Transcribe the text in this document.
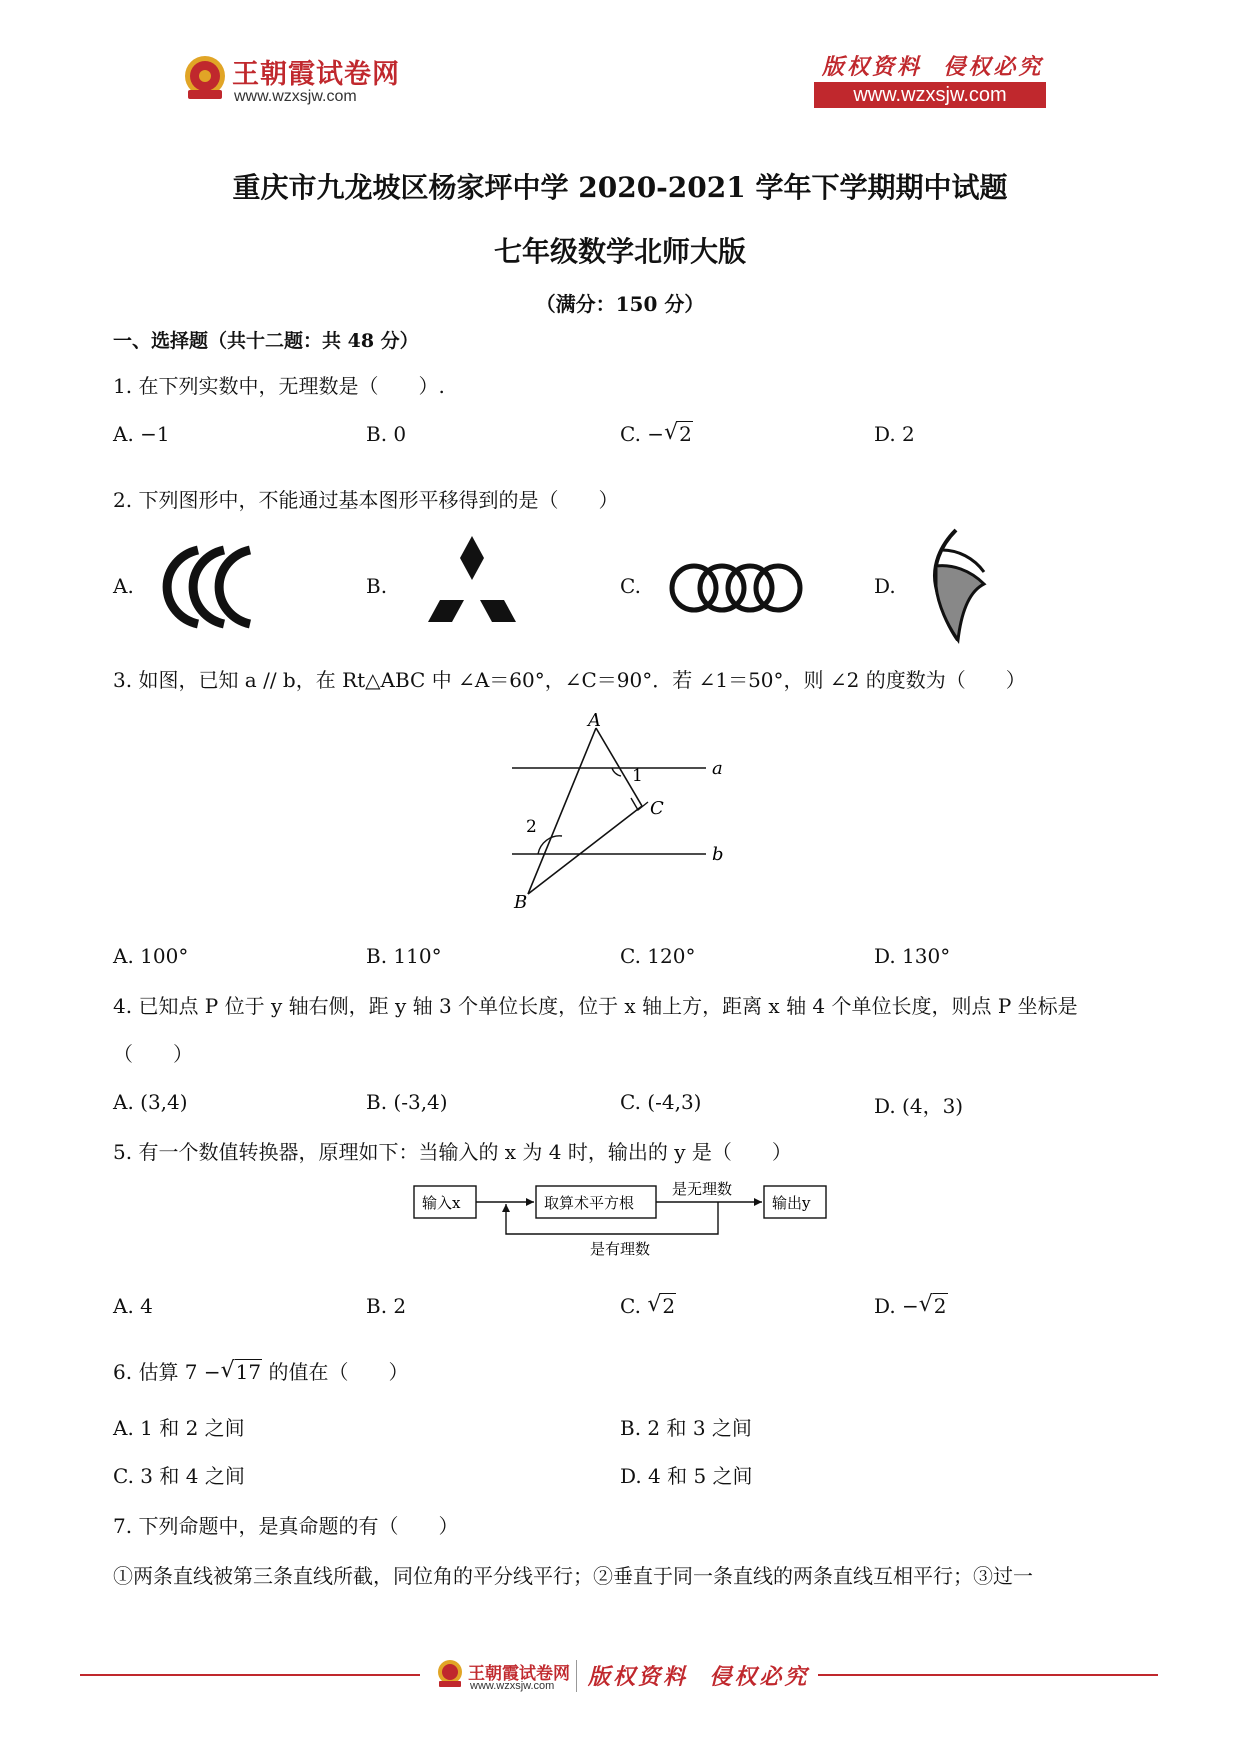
王朝霞试卷网
www.wzxsjw.com
版权资料  侵权必究
www.wzxsjw.com
重庆市九龙坡区杨家坪中学 2020-2021 学年下学期期中试题
七年级数学北师大版
（满分：150 分）
一、选择题（共十二题：共 48 分）
1. 在下列实数中，无理数是（　　）.
A. −1	B. 0	C. − √ 2	D. 2
2. 下列图形中，不能通过基本图形平移得到的是（　　）
A.	B.	C.	D.
3. 如图，已知 a // b，在 Rt△ABC 中 ∠A＝60°，∠C＝90°．若 ∠1＝50°，则 ∠2 的度数为（　　）
A
1	a
C
2
b
B
A. 100°	B. 110°	C. 120°	D. 130°
4. 已知点 P 位于 y 轴右侧，距 y 轴 3 个单位长度，位于 x 轴上方，距离 x 轴 4 个单位长度，则点 P 坐标是
（　　）
A. (3,4)	B. (-3,4)	C. (-4,3)	D. (4，3)
5. 有一个数值转换器，原理如下：当输入的 x 为 4 时，输出的 y 是（　　）
输入x	取算术平方根
是无理数
输出y
是有理数
A. 4	B. 2	C. √ 2	D. − √ 2
6. 估算 7 − √ 17 的值在（　　）
A. 1 和 2 之间	B. 2 和 3 之间
C. 3 和 4 之间	D. 4 和 5 之间
7. 下列命题中，是真命题的有（　　）
①两条直线被第三条直线所截，同位角的平分线平行；②垂直于同一条直线的两条直线互相平行；③过一
王朝霞试卷网
www.wzxsjw.com 版权资料  侵权必究
